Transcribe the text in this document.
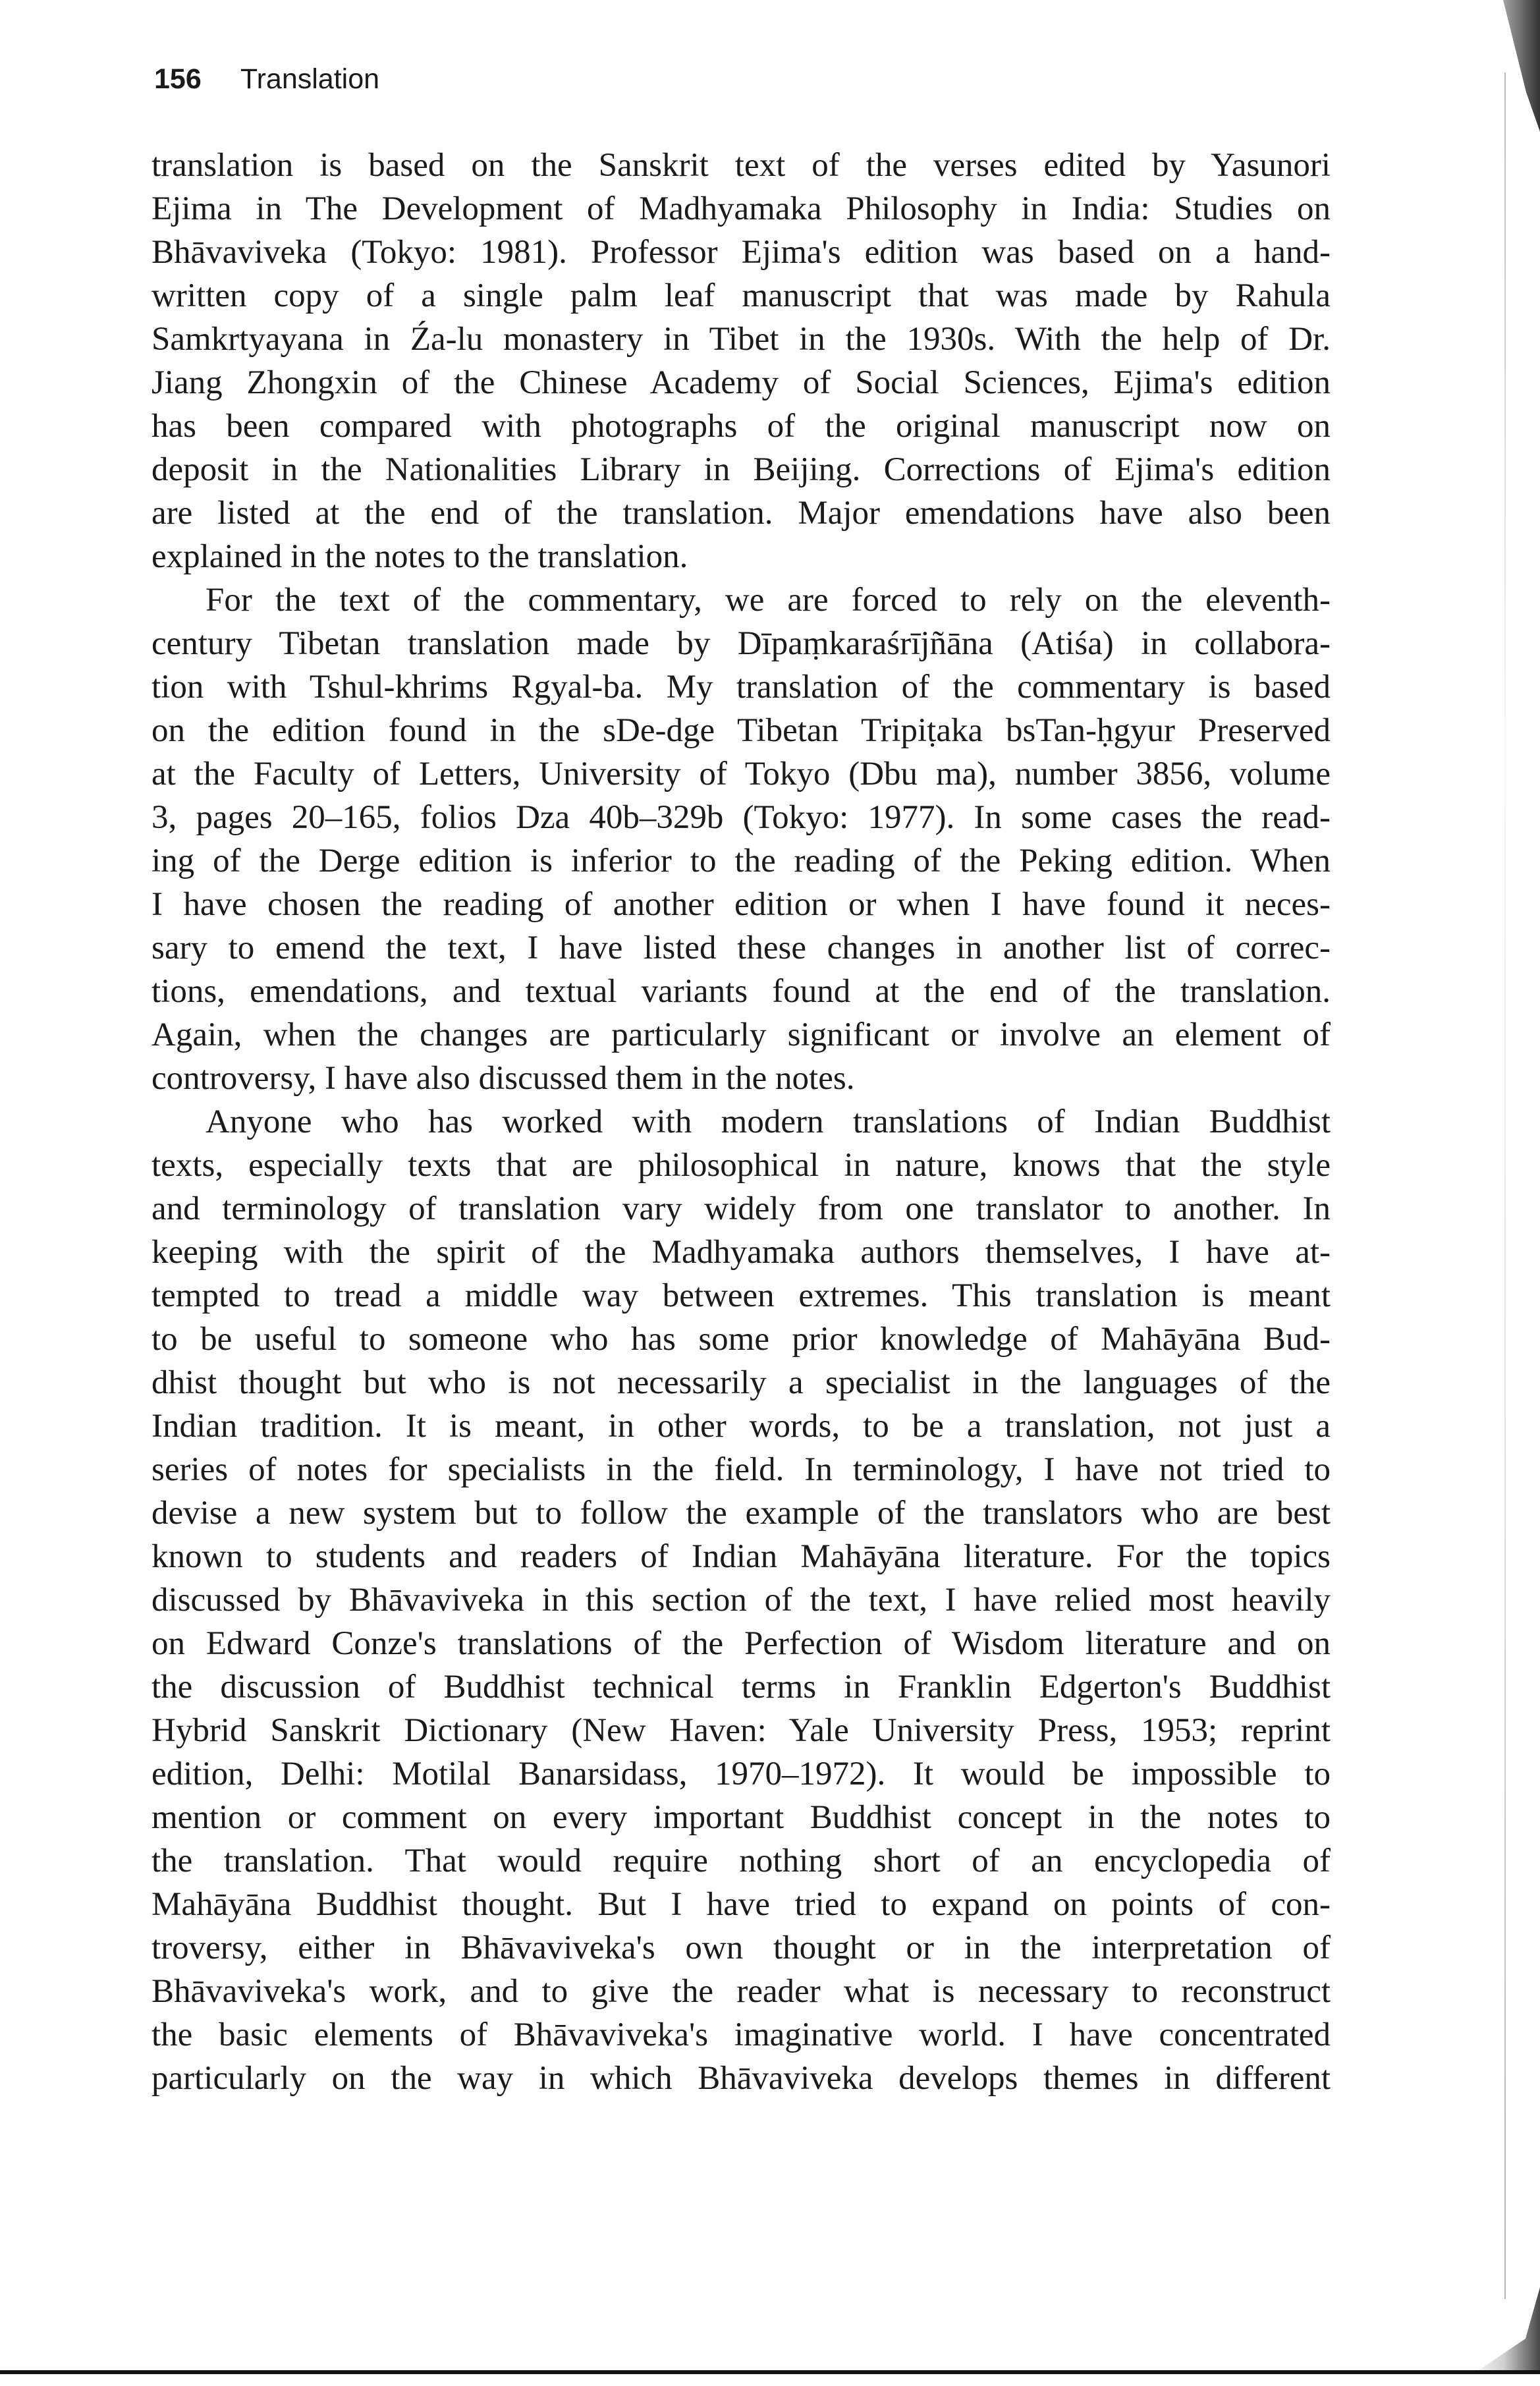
156 Translation

translation is based on the Sanskrit text of the verses edited by Yasunori
Ejima in The Development of Madhyamaka Philosophy in India: Studies on
Bhāvaviveka (Tokyo: 1981). Professor Ejima's edition was based on a hand-
written copy of a single palm leaf manuscript that was made by Rahula
Samkrtyayana in Źa-lu monastery in Tibet in the 1930s. With the help of Dr.
Jiang Zhongxin of the Chinese Academy of Social Sciences, Ejima's edition
has been compared with photographs of the original manuscript now on
deposit in the Nationalities Library in Beijing. Corrections of Ejima's edition
are listed at the end of the translation. Major emendations have also been
explained in the notes to the translation.

For the text of the commentary, we are forced to rely on the eleventh-
century Tibetan translation made by Dīpaṃkaraśrījñāna (Atiśa) in collabora-
tion with Tshul-khrims Rgyal-ba. My translation of the commentary is based
on the edition found in the sDe-dge Tibetan Tripiṭaka bsTan-ḥgyur Preserved
at the Faculty of Letters, University of Tokyo (Dbu ma), number 3856, volume
3, pages 20–165, folios Dza 40b–329b (Tokyo: 1977). In some cases the read-
ing of the Derge edition is inferior to the reading of the Peking edition. When
I have chosen the reading of another edition or when I have found it neces-
sary to emend the text, I have listed these changes in another list of correc-
tions, emendations, and textual variants found at the end of the translation.
Again, when the changes are particularly significant or involve an element of
controversy, I have also discussed them in the notes.

Anyone who has worked with modern translations of Indian Buddhist
texts, especially texts that are philosophical in nature, knows that the style
and terminology of translation vary widely from one translator to another. In
keeping with the spirit of the Madhyamaka authors themselves, I have at-
tempted to tread a middle way between extremes. This translation is meant
to be useful to someone who has some prior knowledge of Mahāyāna Bud-
dhist thought but who is not necessarily a specialist in the languages of the
Indian tradition. It is meant, in other words, to be a translation, not just a
series of notes for specialists in the field. In terminology, I have not tried to
devise a new system but to follow the example of the translators who are best
known to students and readers of Indian Mahāyāna literature. For the topics
discussed by Bhāvaviveka in this section of the text, I have relied most heavily
on Edward Conze's translations of the Perfection of Wisdom literature and on
the discussion of Buddhist technical terms in Franklin Edgerton's Buddhist
Hybrid Sanskrit Dictionary (New Haven: Yale University Press, 1953; reprint
edition, Delhi: Motilal Banarsidass, 1970–1972). It would be impossible to
mention or comment on every important Buddhist concept in the notes to
the translation. That would require nothing short of an encyclopedia of
Mahāyāna Buddhist thought. But I have tried to expand on points of con-
troversy, either in Bhāvaviveka's own thought or in the interpretation of
Bhāvaviveka's work, and to give the reader what is necessary to reconstruct
the basic elements of Bhāvaviveka's imaginative world. I have concentrated
particularly on the way in which Bhāvaviveka develops themes in different
